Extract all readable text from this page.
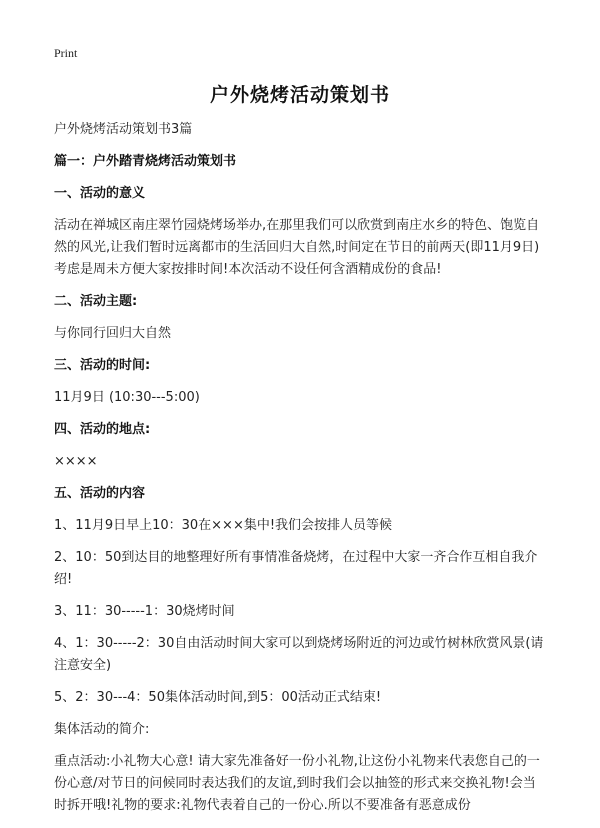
Print
户外烧烤活动策划书

户外烧烤活动策划书3篇

篇一：户外踏青烧烤活动策划书

一、活动的意义

活动在禅城区南庄翠竹园烧烤场举办,在那里我们可以欣赏到南庄水乡的特色、饱览自然的风光,让我们暂时远离都市的生活回归大自然,时间定在节日的前两天(即11月9日)考虑是周未方便大家按排时间!本次活动不设任何含酒精成份的食品!

二、活动主题:

与你同行回归大自然

三、活动的时间:

11月9日 (10:30---5:00)

四、活动的地点:

××××

五、活动的内容

1、11月9日早上10：30在×××集中!我们会按排人员等候

2、10：50到达目的地整理好所有事情准备烧烤，在过程中大家一齐合作互相自我介绍!

3、11：30-----1：30烧烤时间

4、1：30-----2：30自由活动时间大家可以到烧烤场附近的河边或竹树林欣赏风景(请注意安全)

5、2：30---4：50集体活动时间,到5：00活动正式结束!

集体活动的简介:

重点活动:小礼物大心意! 请大家先准备好一份小礼物,让这份小礼物来代表您自己的一份心意/对节日的问候同时表达我们的友谊,到时我们会以抽签的形式来交换礼物!会当时拆开哦!礼物的要求:礼物代表着自己的一份心.所以不要准备有恶意成份
